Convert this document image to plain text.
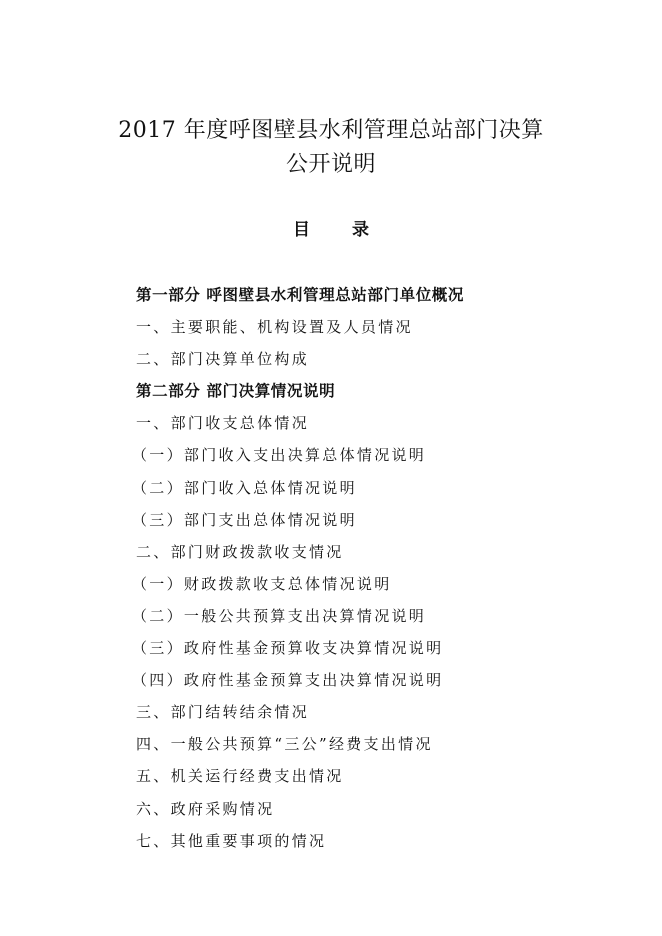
2017 年度呼图壁县水利管理总站部门决算
公开说明
目 录
第一部分 呼图壁县水利管理总站部门单位概况
一、主要职能、机构设置及人员情况
二、部门决算单位构成
第二部分 部门决算情况说明
一、部门收支总体情况
（一）部门收入支出决算总体情况说明
（二）部门收入总体情况说明
（三）部门支出总体情况说明
二、部门财政拨款收支情况
（一）财政拨款收支总体情况说明
（二）一般公共预算支出决算情况说明
（三）政府性基金预算收支决算情况说明
（四）政府性基金预算支出决算情况说明
三、部门结转结余情况
四、一般公共预算“三公”经费支出情况
五、机关运行经费支出情况
六、政府采购情况
七、其他重要事项的情况
